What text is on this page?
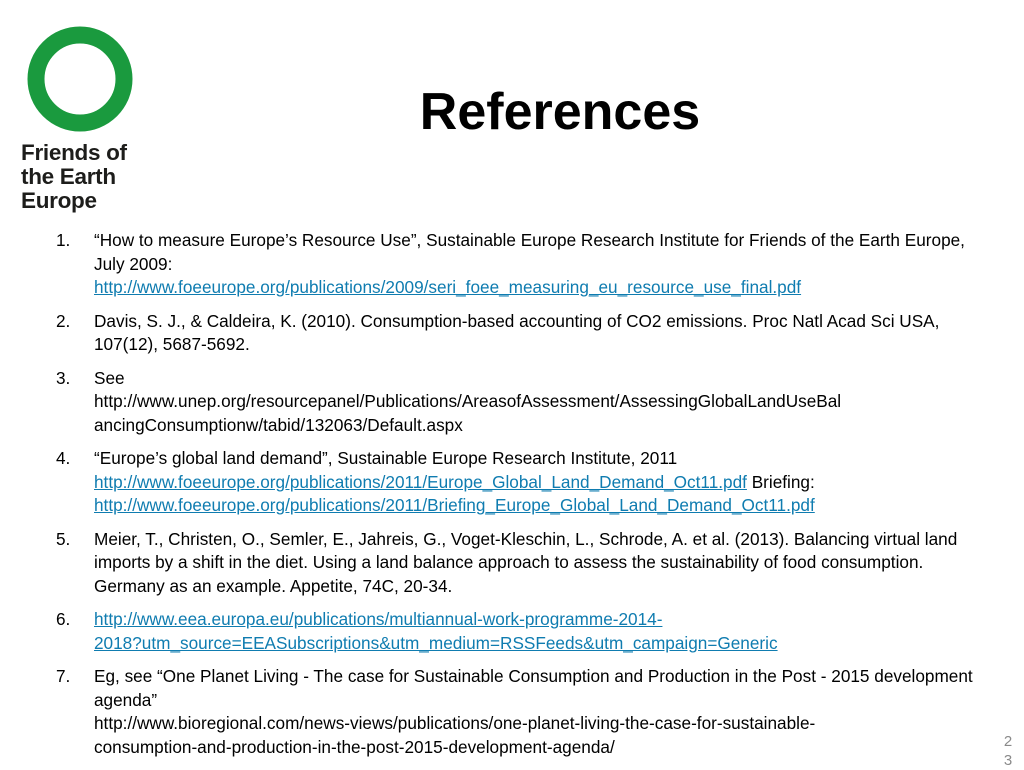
Friends of
the Earth
Europe
References
1. “How to measure Europe’s Resource Use”, Sustainable Europe Research Institute for Friends of the Earth Europe, July 2009:
http://www.foeeurope.org/publications/2009/seri_foee_measuring_eu_resource_use_final.pdf
2. Davis, S. J., & Caldeira, K. (2010). Consumption-based accounting of CO2 emissions. Proc Natl Acad Sci USA, 107(12), 5687-5692.
3. See
http://www.unep.org/resourcepanel/Publications/AreasofAssessment/AssessingGlobalLandUseBal
ancingConsumptionw/tabid/132063/Default.aspx
4. “Europe’s global land demand”, Sustainable Europe Research Institute, 2011
http://www.foeeurope.org/publications/2011/Europe_Global_Land_Demand_Oct11.pdf Briefing:
http://www.foeeurope.org/publications/2011/Briefing_Europe_Global_Land_Demand_Oct11.pdf
5. Meier, T., Christen, O., Semler, E., Jahreis, G., Voget-Kleschin, L., Schrode, A. et al. (2013). Balancing virtual land imports by a shift in the diet. Using a land balance approach to assess the sustainability of food consumption. Germany as an example. Appetite, 74C, 20-34.
6. http://www.eea.europa.eu/publications/multiannual-work-programme-2014-
2018?utm_source=EEASubscriptions&utm_medium=RSSFeeds&utm_campaign=Generic
7. Eg, see “One Planet Living - The case for Sustainable Consumption and Production in the Post - 2015 development agenda”
http://www.bioregional.com/news-views/publications/one-planet-living-the-case-for-sustainable-
consumption-and-production-in-the-post-2015-development-agenda/	2
3
